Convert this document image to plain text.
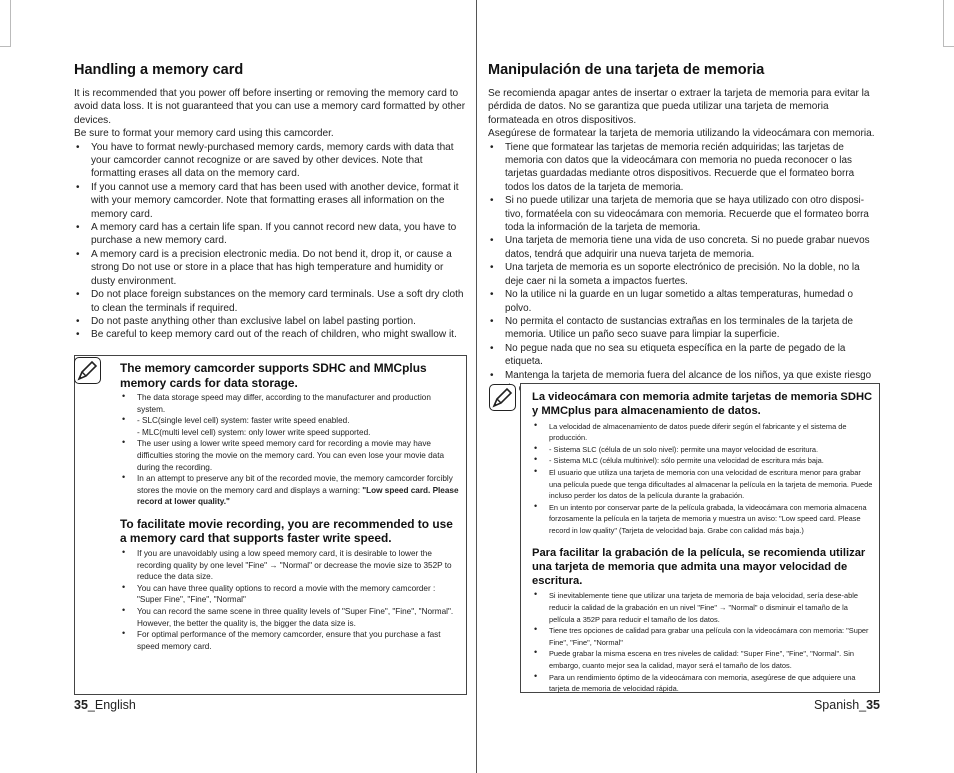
Handling a memory card

It is recommended that you power off before inserting or removing the memory card to avoid data loss. It is not guaranteed that you can use a memory card formatted by other devices.

Be sure to format your memory card using this camcorder.

• You have to format newly-purchased memory cards, memory cards with data that your camcorder cannot recognize or are saved by other devices. Note that formatting erases all data on the memory card.
• If you cannot use a memory card that has been used with another device, format it with your memory camcorder. Note that formatting erases all information on the memory card.
• A memory card has a certain life span. If you cannot record new data, you have to purchase a new memory card.
• A memory card is a precision electronic media. Do not bend it, drop it, or cause a strong Do not use or store in a place that has high temperature and humidity or dusty environment.
• Do not place foreign substances on the memory card terminals. Use a soft dry cloth to clean the terminals if required.
• Do not paste anything other than exclusive label on label pasting portion.
• Be careful to keep memory card out of the reach of children, who might swallow it.
The memory camcorder supports SDHC and MMCplus memory cards for data storage.
• The data storage speed may differ, according to the manufacturer and production system.
• - SLC(single level cell) system: faster write speed enabled.
- MLC(multi level cell) system: only lower write speed supported.
• The user using a lower write speed memory card for recording a movie may have difficulties storing the movie on the memory card. You can even lose your movie data during the recording.
• In an attempt to preserve any bit of the recorded movie, the memory camcorder forcibly stores the movie on the memory card and displays a warning: "Low speed card. Please record at lower quality."
To facilitate movie recording, you are recommended to use a memory card that supports faster write speed.
• If you are unavoidably using a low speed memory card, it is desirable to lower the recording quality by one level "Fine" → "Normal" or decrease the movie size to 352P to reduce the data size.
• You can have three quality options to record a movie with the memory camcorder : "Super Fine", "Fine", "Normal"
• You can record the same scene in three quality levels of "Super Fine", "Fine", "Normal".
However, the better the quality is, the bigger the data size is.
• For optimal performance of the memory camcorder, ensure that you purchase a fast speed memory card.
35_English
Manipulación de una tarjeta de memoria

Se recomienda apagar antes de insertar o extraer la tarjeta de memoria para evitar la pérdida de datos. No se garantiza que pueda utilizar una tarjeta de memoria formateada en otros dispositivos.

Asegúrese de formatear la tarjeta de memoria utilizando la videocámara con memoria.

• Tiene que formatear las tarjetas de memoria recién adquiridas; las tarjetas de memoria con datos que la videocámara con memoria no pueda reconocer o las tarjetas guardadas mediante otros dispositivos. Recuerde que el formateo borra todos los datos de la tarjeta de memoria.
• Si no puede utilizar una tarjeta de memoria que se haya utilizado con otro disposi-tivo, formatéela con su videocámara con memoria. Recuerde que el formateo borra toda la información de la tarjeta de memoria.
• Una tarjeta de memoria tiene una vida de uso concreta. Si no puede grabar nuevos datos, tendrá que adquirir una nueva tarjeta de memoria.
• Una tarjeta de memoria es un soporte electrónico de precisión. No la doble, no la deje caer ni la someta a impactos fuertes.
• No la utilice ni la guarde en un lugar sometido a altas temperaturas, humedad o polvo.
• No permita el contacto de sustancias extrañas en los terminales de la tarjeta de memoria. Utilice un paño seco suave para limpiar la superficie.
• No pegue nada que no sea su etiqueta específica en la parte de pegado de la etiqueta.
• Mantenga la tarjeta de memoria fuera del alcance de los niños, ya que existe riesgo
La videocámara con memoria admite tarjetas de memoria SDHC y MMCplus para almacenamiento de datos.
• La velocidad de almacenamiento de datos puede diferir según el fabricante y el sistema de producción.
• - Sistema SLC (célula de un solo nivel): permite una mayor velocidad de escritura.
• - Sistema MLC (célula multinivel): sólo permite una velocidad de escritura más baja.
• El usuario que utiliza una tarjeta de memoria con una velocidad de escritura menor para grabar una película puede que tenga dificultades al almacenar la película en la tarjeta de memoria. Puede incluso perder los datos de la película durante la grabación.
• En un intento por conservar parte de la película grabada, la videocámara con memoria almacena forzosamente la película en la tarjeta de memoria y muestra un aviso: "Low speed card. Please record in low quality" (Tarjeta de velocidad baja. Grabe con calidad más baja.)
Para facilitar la grabación de la película, se recomienda utilizar una tarjeta de memoria que admita una mayor velocidad de escritura.
• Si inevitablemente tiene que utilizar una tarjeta de memoria de baja velocidad, sería dese-able reducir la calidad de la grabación en un nivel "Fine" → "Normal" o disminuir el tamaño de la película a 352P para reducir el tamaño de los datos.
• Tiene tres opciones de calidad para grabar una película con la videocámara con memoria: "Super Fine", "Fine", "Normal"
• Puede grabar la misma escena en tres niveles de calidad: "Super Fine", "Fine", "Normal". Sin embargo, cuanto mejor sea la calidad, mayor será el tamaño de los datos.
• Para un rendimiento óptimo de la videocámara con memoria, asegúrese de que adquiere una tarjeta de memoria de velocidad rápida.
Spanish_35
